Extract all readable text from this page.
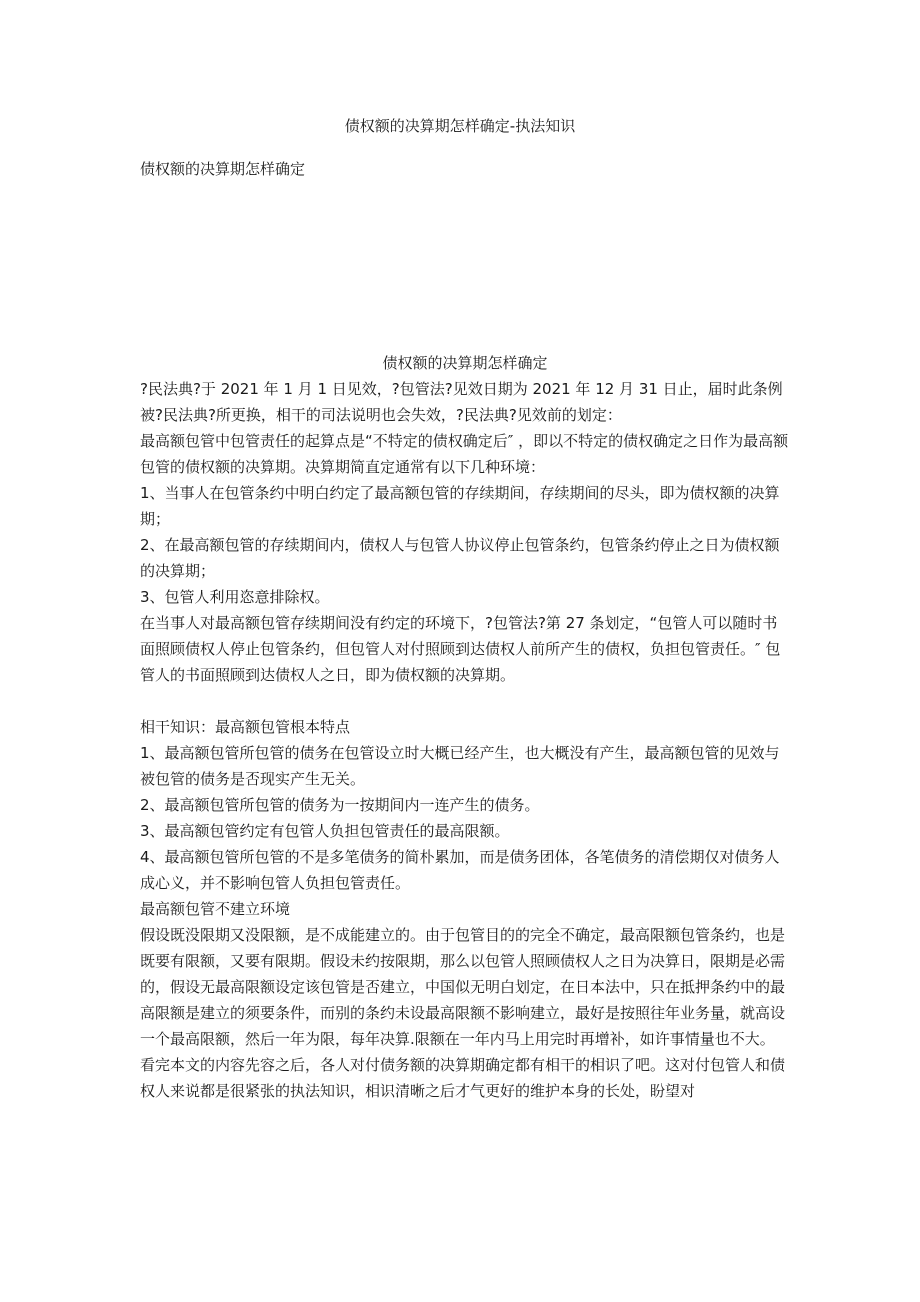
债权额的决算期怎样确定-执法知识
债权额的决算期怎样确定

债权额的决算期怎样确定

?民法典?于 2021 年 1 月 1 日见效，?包管法?见效日期为 2021 年 12 月 31 日止，届时此条例被?民法典?所更换，相干的司法说明也会失效，?民法典?见效前的划定：

最高额包管中包管责任的起算点是“不特定的债权确定后″ ，即以不特定的债权确定之日作为最高额包管的债权额的决算期。决算期简直定通常有以下几种环境：

1、当事人在包管条约中明白约定了最高额包管的存续期间，存续期间的尽头，即为债权额的决算期；

2、在最高额包管的存续期间内，债权人与包管人协议停止包管条约，包管条约停止之日为债权额的决算期；

3、包管人利用恣意排除权。

在当事人对最高额包管存续期间没有约定的环境下，?包管法?第 27 条划定，“包管人可以随时书面照顾债权人停止包管条约，但包管人对付照顾到达债权人前所产生的债权，负担包管责任。″ 包管人的书面照顾到达债权人之日，即为债权额的决算期。

相干知识：最高额包管根本特点

1、最高额包管所包管的债务在包管设立时大概已经产生，也大概没有产生，最高额包管的见效与被包管的债务是否现实产生无关。

2、最高额包管所包管的债务为一按期间内一连产生的债务。

3、最高额包管约定有包管人负担包管责任的最高限额。

4、最高额包管所包管的不是多笔债务的简朴累加，而是债务团体，各笔债务的清偿期仅对债务人成心义，并不影响包管人负担包管责任。

最高额包管不建立环境

假设既没限期又没限额，是不成能建立的。由于包管目的的完全不确定，最高限额包管条约，也是既要有限额，又要有限期。假设未约按限期，那么以包管人照顾债权人之日为决算日，限期是必需的，假设无最高限额设定该包管是否建立，中国似无明白划定，在日本法中，只在抵押条约中的最高限额是建立的须要条件，而别的条约未设最高限额不影响建立，最好是按照往年业务量，就高设一个最高限额，然后一年为限，每年决算.限额在一年内马上用完时再增补，如许事情量也不大。

看完本文的内容先容之后，各人对付债务额的决算期确定都有相干的相识了吧。这对付包管人和债权人来说都是很紧张的执法知识，相识清晰之后才气更好的维护本身的长处，盼望对
